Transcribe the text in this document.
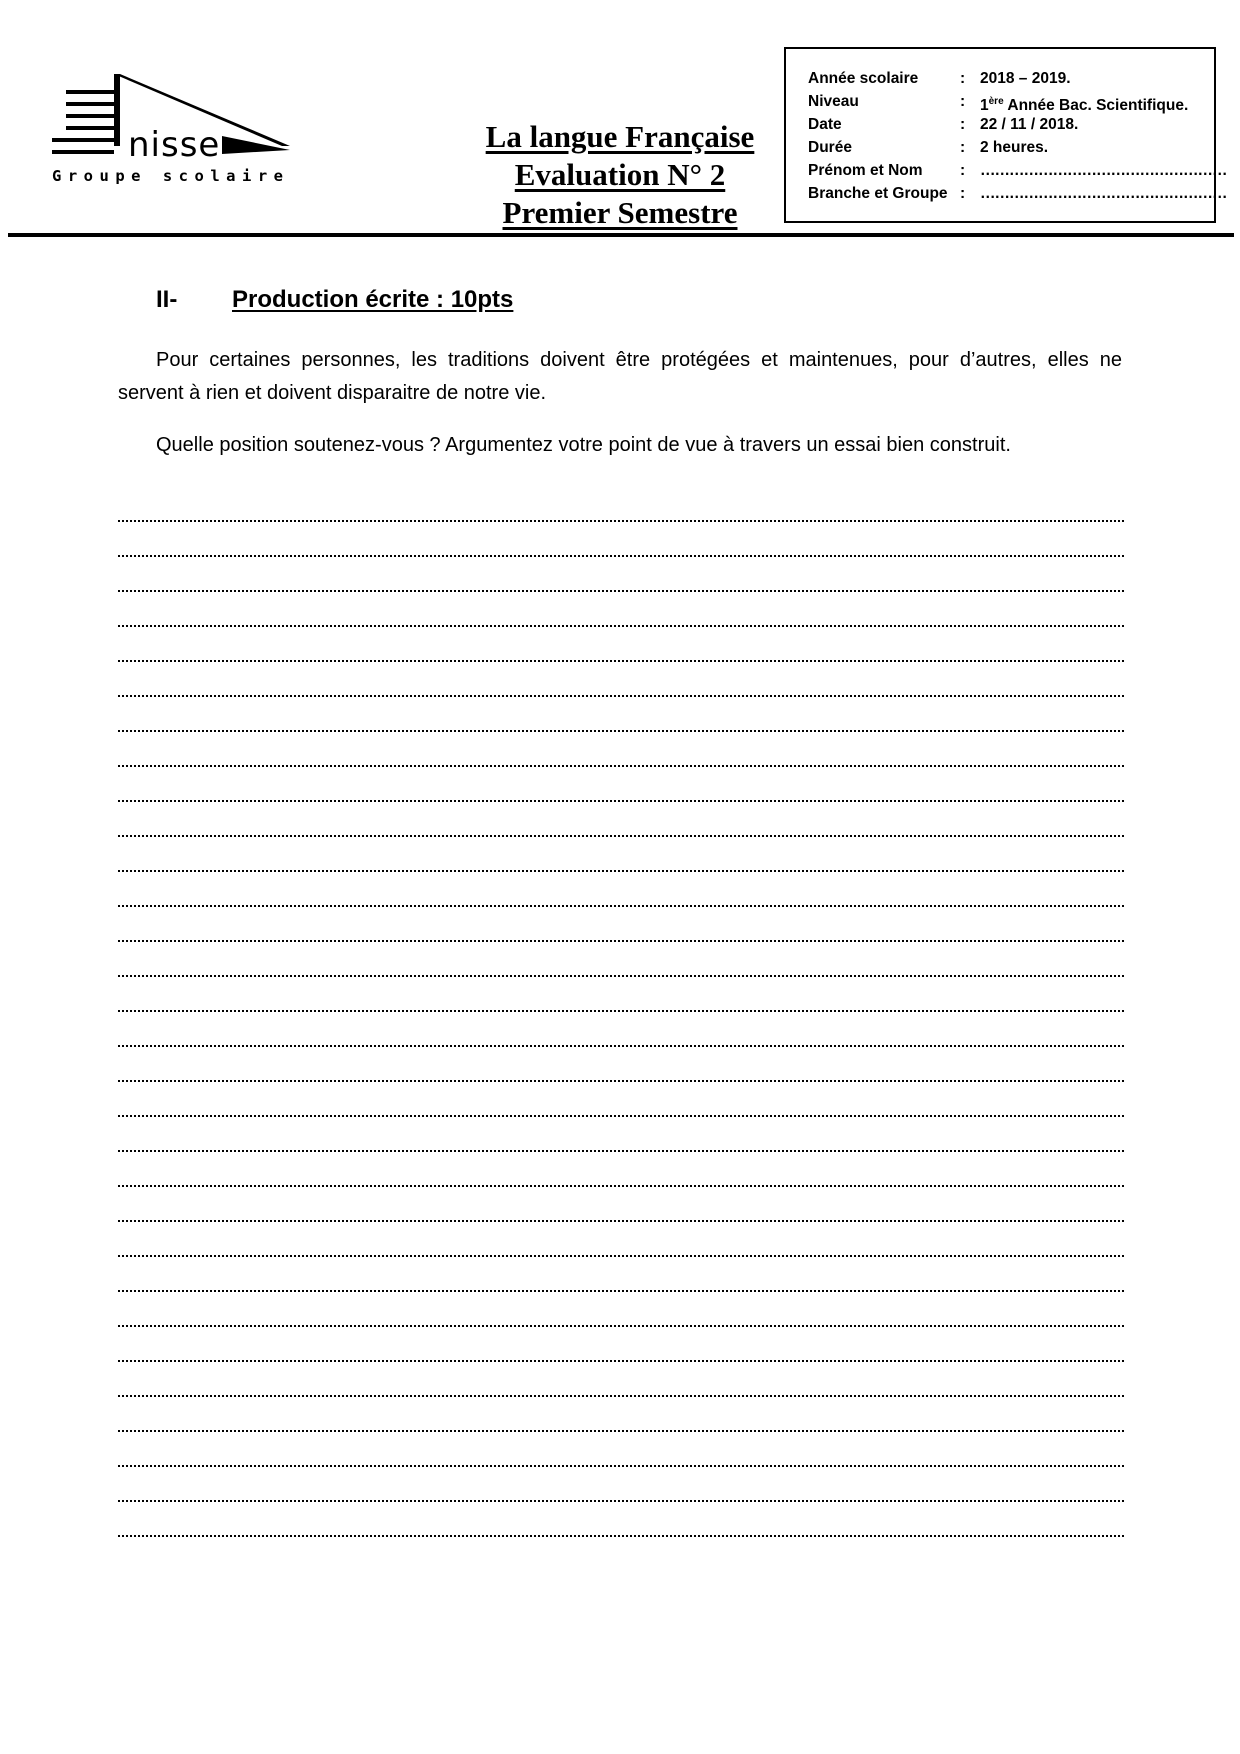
nisse
Groupe scolaire
La langue Française
Evaluation N° 2
Premier Semestre
Année scolaire	: 2018 – 2019.
Niveau	: 1ère Année Bac. Scientifique.
Date	: 22 / 11 / 2018.
Durée	: 2 heures.
Prénom et Nom : ……………………………………………
Branche et Groupe : ……………………………………………
II- Production écrite : 10pts
Pour certaines personnes, les traditions doivent être protégées et maintenues, pour d’autres, elles ne servent à rien et doivent disparaitre de notre vie.
Quelle position soutenez-vous ? Argumentez votre point de vue à travers un essai bien construit.
